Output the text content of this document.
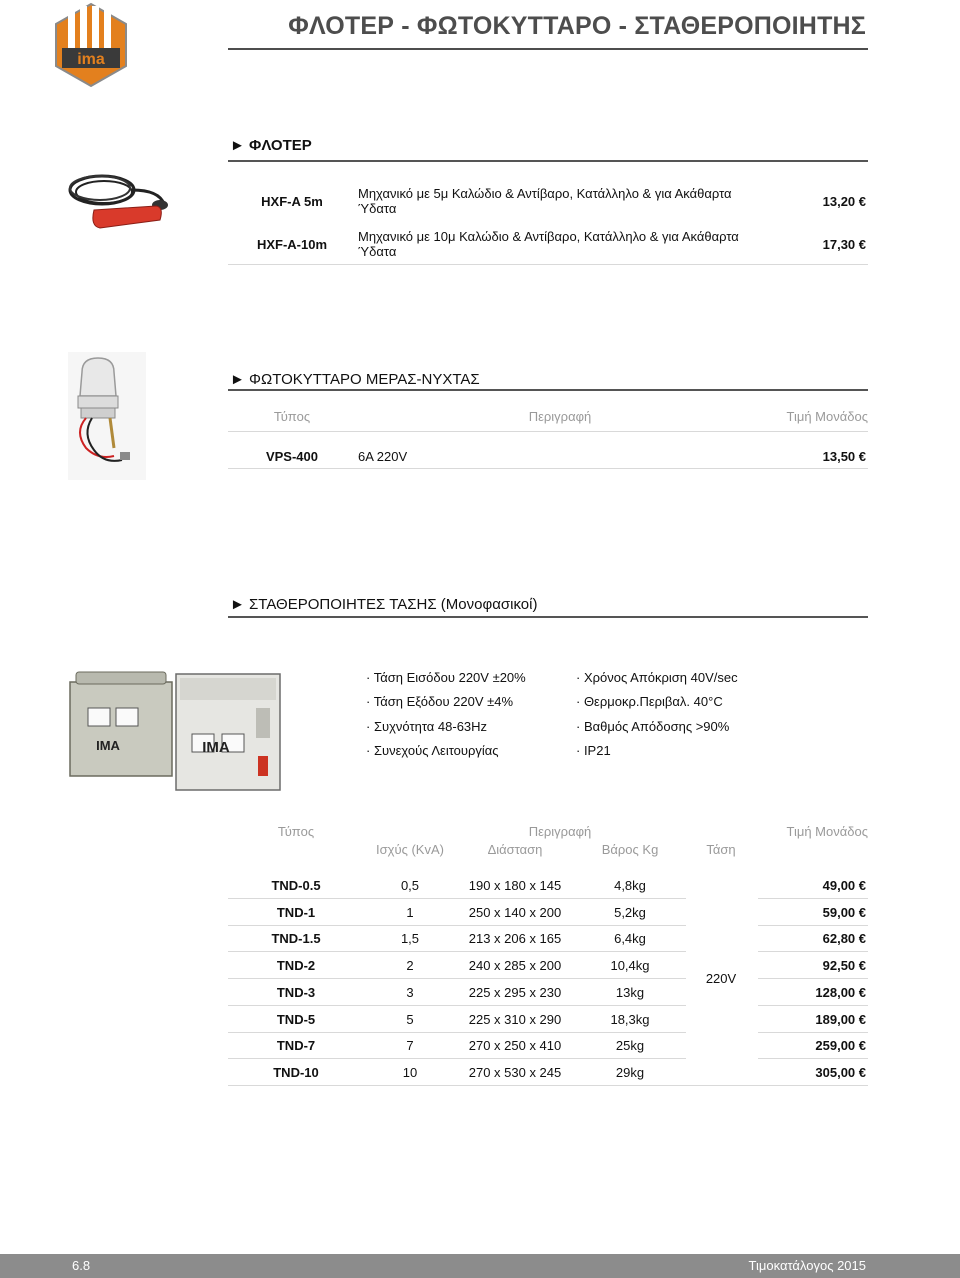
ima
ΦΛΟΤΕΡ - ΦΩΤΟΚΥΤΤΑΡΟ - ΣΤΑΘΕΡΟΠΟΙΗΤΗΣ
► ΦΛΟΤΕΡ
HXF-A 5m
Μηχανικό με 5μ Καλώδιο & Αντίβαρο, Κατάλληλο & για Ακάθαρτα Ύδατα	13,20 €
HXF-A-10m
Μηχανικό με 10μ Καλώδιο & Αντίβαρο, Κατάλληλο & για Ακάθαρτα Ύδατα	17,30 €
► ΦΩΤΟΚΥΤΤΑΡΟ ΜΕΡΑΣ-ΝΥΧΤΑΣ
Τύπος	Περιγραφή	Τιμή Μονάδος
VPS-400	6A 220V	13,50 €
► ΣΤΑΘΕΡΟΠΟΙΗΤΕΣ ΤΑΣΗΣ (Μονοφασικοί)
IMA	IMA
· Τάση Εισόδου 220V ±20%
· Τάση Εξόδου 220V ±4%
· Συχνότητα 48-63Hz
· Συνεχούς Λειτουργίας
· Χρόνος Απόκριση 40V/sec
· Θερμοκρ.Περιβαλ. 40°C
· Βαθμός Απόδοσης >90%
· IP21
Τύπος	Περιγραφή	Τιμή Μονάδος
Ισχύς (KvA)	Διάσταση	Βάρος Kg	Τάση
TND-0.5	0,5	190 x 180 x 145	4,8kg	49,00 €
TND-1	1	250 x 140 x 200	5,2kg	59,00 €
TND-1.5	1,5	213 x 206 x 165	6,4kg	62,80 €
TND-2	2	240 x 285 x 200	10,4kg	92,50 €
TND-3	3	225 x 295 x 230	13kg	128,00 €
TND-5	5	225 x 310 x 290	18,3kg	189,00 €
TND-7	7	270 x 250 x 410	25kg	259,00 €
TND-10	10	270 x 530 x 245	29kg	305,00 €
220V
6.8	Τιμοκατάλογος 2015
